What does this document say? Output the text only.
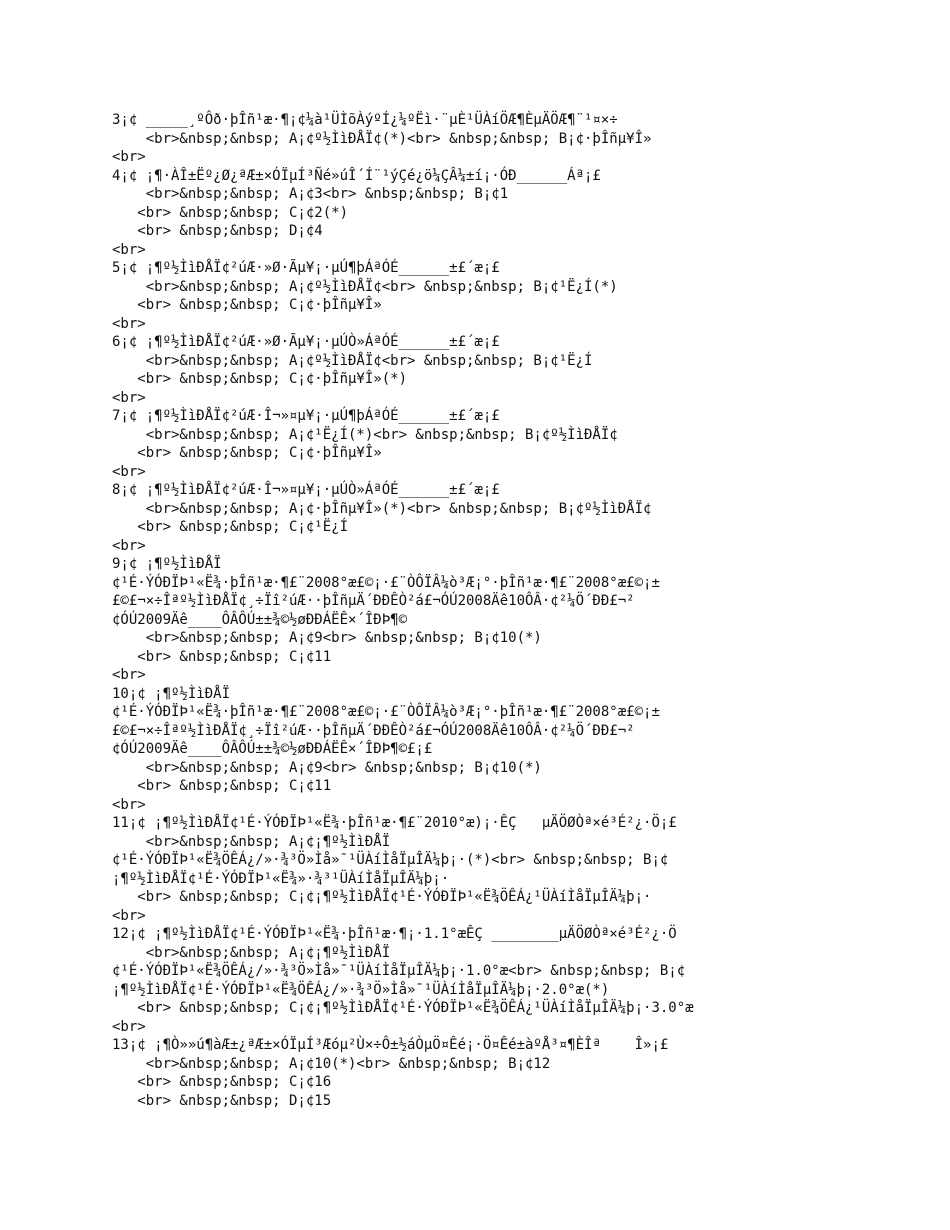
3¡¢ _____¸ºÔð·þÎñ¹æ·¶¡¢¼à¹ÜÌõÀýºÍ¿¼ºËì·¨µÈ¹ÜÀíÖÆ¶ÈµÄÖÆ¶¨¹¤×÷
<br>&nbsp;&nbsp; A¡¢º½ÌìÐÅÏ¢(*)<br> &nbsp;&nbsp; B¡¢·þÎñµ¥Î»
<br>
4¡¢ ¡¶·ÀÎ±Ëº¿Ø¿ªÆ±×ÓÏµÍ³Ñé»úÎ´Í¨¹ýÇé¿ö¼ÇÂ¼±í¡·ÓÐ______Áª¡£
<br>&nbsp;&nbsp; A¡¢3<br> &nbsp;&nbsp; B¡¢1
<br> &nbsp;&nbsp; C¡¢2(*)
<br> &nbsp;&nbsp; D¡¢4
<br>
5¡¢ ¡¶º½ÌìÐÅÏ¢²úÆ·»Ø·Ãµ¥¡·µÚ¶þÁªÓÉ______±£´æ¡£
<br>&nbsp;&nbsp; A¡¢º½ÌìÐÅÏ¢<br> &nbsp;&nbsp; B¡¢¹Ë¿Í(*)
<br> &nbsp;&nbsp; C¡¢·þÎñµ¥Î»
<br>
6¡¢ ¡¶º½ÌìÐÅÏ¢²úÆ·»Ø·Ãµ¥¡·µÚÒ»ÁªÓÉ______±£´æ¡£
<br>&nbsp;&nbsp; A¡¢º½ÌìÐÅÏ¢<br> &nbsp;&nbsp; B¡¢¹Ë¿Í
<br> &nbsp;&nbsp; C¡¢·þÎñµ¥Î»(*)
<br>
7¡¢ ¡¶º½ÌìÐÅÏ¢²úÆ·Î¬»¤µ¥¡·µÚ¶þÁªÓÉ______±£´æ¡£
<br>&nbsp;&nbsp; A¡¢¹Ë¿Í(*)<br> &nbsp;&nbsp; B¡¢º½ÌìÐÅÏ¢
<br> &nbsp;&nbsp; C¡¢·þÎñµ¥Î»
<br>
8¡¢ ¡¶º½ÌìÐÅÏ¢²úÆ·Î¬»¤µ¥¡·µÚÒ»ÁªÓÉ______±£´æ¡£
<br>&nbsp;&nbsp; A¡¢·þÎñµ¥Î»(*)<br> &nbsp;&nbsp; B¡¢º½ÌìÐÅÏ¢
<br> &nbsp;&nbsp; C¡¢¹Ë¿Í
<br>
9¡¢ ¡¶º½ÌìÐÅÏ
¢¹É·ÝÓÐÏÞ¹«Ë¾·þÎñ¹æ·¶£¨2008°æ£©¡·£¨ÒÔÏÂ¼ò³Æ¡°·þÎñ¹æ·¶£¨2008°æ£©¡±
£©£¬×÷Îªº½ÌìÐÅÏ¢¸÷Ïî²úÆ··þÎñµÄ´ÐÐÊÒ²á£¬ÓÚ2008Äê10ÔÂ·¢²¼Ö´ÐÐ£¬²
¢ÓÚ2009Äê____ÔÂÔÚ±±¾©½øÐÐÁËÊ×´ÎÐÞ¶©
<br>&nbsp;&nbsp; A¡¢9<br> &nbsp;&nbsp; B¡¢10(*)
<br> &nbsp;&nbsp; C¡¢11
<br>
10¡¢ ¡¶º½ÌìÐÅÏ
¢¹É·ÝÓÐÏÞ¹«Ë¾·þÎñ¹æ·¶£¨2008°æ£©¡·£¨ÒÔÏÂ¼ò³Æ¡°·þÎñ¹æ·¶£¨2008°æ£©¡±
£©£¬×÷Îªº½ÌìÐÅÏ¢¸÷Ïî²úÆ··þÎñµÄ´ÐÐÊÒ²á£¬ÓÚ2008Äê10ÔÂ·¢²¼Ö´ÐÐ£¬²
¢ÓÚ2009Äê____ÔÂÔÚ±±¾©½øÐÐÁËÊ×´ÎÐÞ¶©£¡£
<br>&nbsp;&nbsp; A¡¢9<br> &nbsp;&nbsp; B¡¢10(*)
<br> &nbsp;&nbsp; C¡¢11
<br>
11¡¢ ¡¶º½ÌìÐÅÏ¢¹É·ÝÓÐÏÞ¹«Ë¾·þÎñ¹æ·¶£¨2010°æ)¡·ÊÇ   µÄÖØÒª×é³É²¿·Ö¡£
<br>&nbsp;&nbsp; A¡¢¡¶º½ÌìÐÅÏ
¢¹É·ÝÓÐÏÞ¹«Ë¾ÖÊÁ¿/»·¾³Ö»Ìå»¯¹ÜÀíÌåÏµÎÄ¼þ¡·(*)<br> &nbsp;&nbsp; B¡¢
¡¶º½ÌìÐÅÏ¢¹É·ÝÓÐÏÞ¹«Ë¾»·¾³¹ÜÀíÌåÏµÎÄ¼þ¡·
<br> &nbsp;&nbsp; C¡¢¡¶º½ÌìÐÅÏ¢¹É·ÝÓÐÏÞ¹«Ë¾ÖÊÁ¿¹ÜÀíÌåÏµÎÄ¼þ¡·
<br>
12¡¢ ¡¶º½ÌìÐÅÏ¢¹É·ÝÓÐÏÞ¹«Ë¾·þÎñ¹æ·¶¡·1.1°æÊÇ ________µÄÖØÒª×é³É²¿·Ö
<br>&nbsp;&nbsp; A¡¢¡¶º½ÌìÐÅÏ
¢¹É·ÝÓÐÏÞ¹«Ë¾ÖÊÁ¿/»·¾³Ö»Ìå»¯¹ÜÀíÌåÏµÎÄ¼þ¡·1.0°æ<br> &nbsp;&nbsp; B¡¢
¡¶º½ÌìÐÅÏ¢¹É·ÝÓÐÏÞ¹«Ë¾ÖÊÁ¿/»·¾³Ö»Ìå»¯¹ÜÀíÌåÏµÎÄ¼þ¡·2.0°æ(*)
<br> &nbsp;&nbsp; C¡¢¡¶º½ÌìÐÅÏ¢¹É·ÝÓÐÏÞ¹«Ë¾ÖÊÁ¿¹ÜÀíÌåÏµÎÄ¼þ¡·3.0°æ
<br>
13¡¢ ¡¶Ò»»ú¶àÆ±¿ªÆ±×ÓÏµÍ³Æóµ²Ù×÷Ô±½áÒµÖ¤Êé¡·Ö¤Êé±àºÅ³¤¶ÈÎª    Î»¡£
<br>&nbsp;&nbsp; A¡¢10(*)<br> &nbsp;&nbsp; B¡¢12
<br> &nbsp;&nbsp; C¡¢16
<br> &nbsp;&nbsp; D¡¢15
